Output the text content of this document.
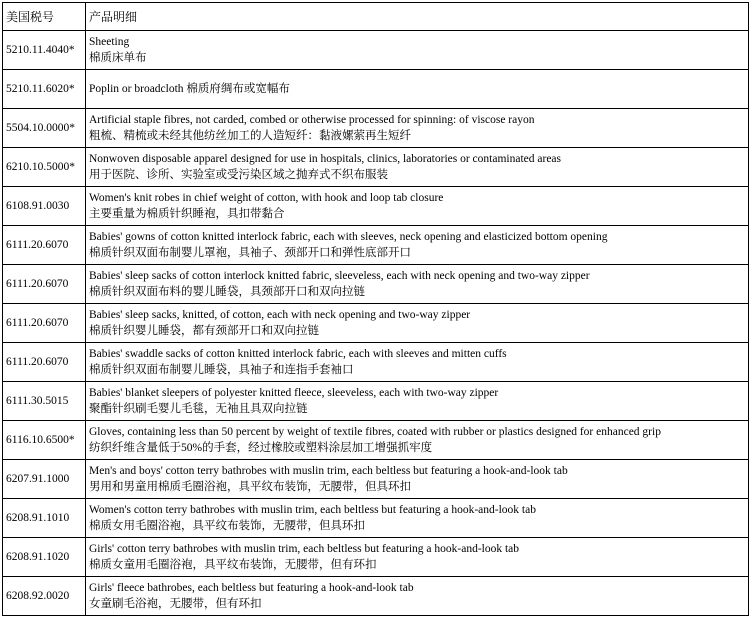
美国税号	产品明细
5210.11.4040*	Sheeting
棉质床单布

5210.11.6020*	Poplin or broadcloth 棉质府绸布或宽幅布

5504.10.0000*	Artificial staple fibres, not carded, combed or otherwise processed for spinning: of viscose rayon
粗梳、精梳或未经其他纺丝加工的人造短纤：黏液嫘萦再生短纤

6210.10.5000*	Nonwoven disposable apparel designed for use in hospitals, clinics, laboratories or contaminated areas
用于医院、诊所、实验室或受污染区域之抛弃式不织布服装

6108.91.0030	Women's knit robes in chief weight of cotton, with hook and loop tab closure
主要重量为棉质针织睡袍，具扣带黏合

6111.20.6070	Babies' gowns of cotton knitted interlock fabric, each with sleeves, neck opening and elasticized bottom opening
棉质针织双面布制婴儿罩袍，具袖子、颈部开口和弹性底部开口

6111.20.6070	Babies' sleep sacks of cotton interlock knitted fabric, sleeveless, each with neck opening and two-way zipper
棉质针织双面布料的婴儿睡袋，具颈部开口和双向拉链

6111.20.6070	Babies' sleep sacks, knitted, of cotton, each with neck opening and two-way zipper
棉质针织婴儿睡袋，都有颈部开口和双向拉链

6111.20.6070	Babies' swaddle sacks of cotton knitted interlock fabric, each with sleeves and mitten cuffs
棉质针织双面布制婴儿睡袋，具袖子和连指手套袖口

6111.30.5015	Babies' blanket sleepers of polyester knitted fleece, sleeveless, each with two-way zipper
聚酯针织刷毛婴儿毛毯，无袖且具双向拉链

6116.10.6500*	Gloves, containing less than 50 percent by weight of textile fibres, coated with rubber or plastics designed for enhanced grip
纺织纤维含量低于50%的手套，经过橡胶或塑料涂层加工增强抓牢度

6207.91.1000	Men's and boys' cotton terry bathrobes with muslin trim, each beltless but featuring a hook-and-look tab
男用和男童用棉质毛圈浴袍，具平纹布装饰，无腰带，但具环扣

6208.91.1010	Women's cotton terry bathrobes with muslin trim, each beltless but featuring a hook-and-look tab
棉质女用毛圈浴袍，具平纹布装饰，无腰带，但具环扣

6208.91.1020	Girls' cotton terry bathrobes with muslin trim, each beltless but featuring a hook-and-look tab
棉质女童用毛圈浴袍，具平纹布装饰，无腰带，但有环扣

6208.92.0020	Girls' fleece bathrobes, each beltless but featuring a hook-and-look tab
女童刷毛浴袍，无腰带，但有环扣
